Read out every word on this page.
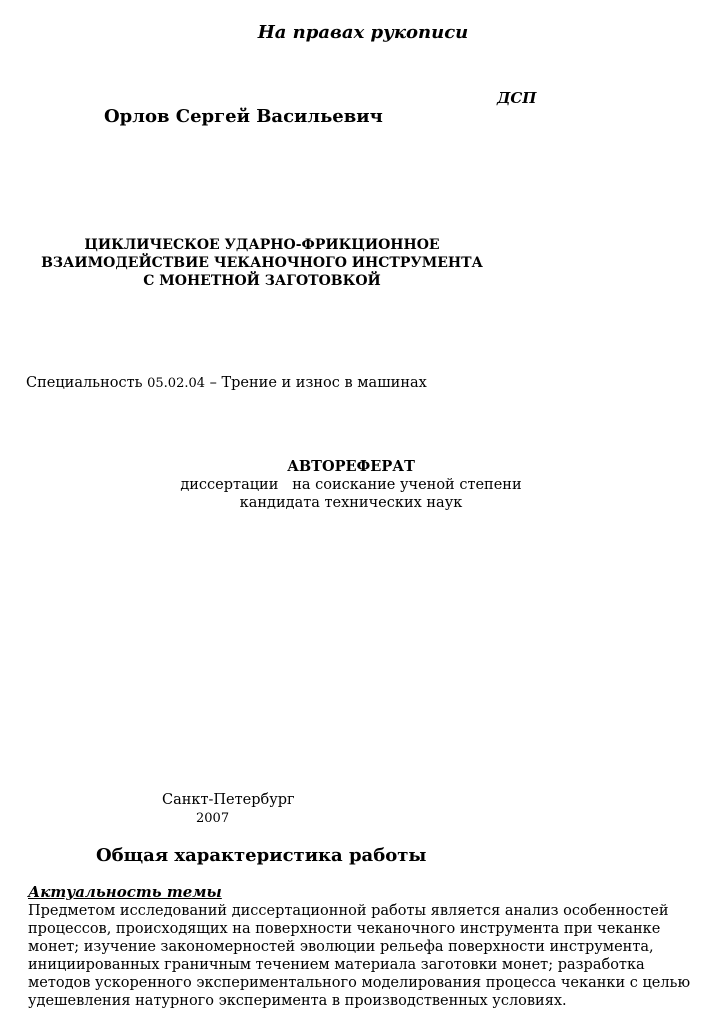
На правах рукописи
ДСП
Орлов Сергей Васильевич
ЦИКЛИЧЕСКОЕ УДАРНО-ФРИКЦИОННОЕ
ВЗАИМОДЕЙСТВИЕ ЧЕКАНОЧНОГО ИНСТРУМЕНТА
С МОНЕТНОЙ ЗАГОТОВКОЙ
Специальность 05.02.04 – Трение и износ в машинах
АВТОРЕФЕРАТ
диссертации   на соискание ученой степени
кандидата технических наук
Санкт-Петербург
2007
Общая характеристика работы
Актуальность темы
Предметом исследований диссертационной работы является анализ особенностей
процессов, происходящих на поверхности чеканочного инструмента при чеканке
монет; изучение закономерностей эволюции рельефа поверхности инструмента,
инициированных граничным течением материала заготовки монет; разработка
методов ускоренного экспериментального моделирования процесса чеканки с целью
удешевления натурного эксперимента в производственных условиях.
